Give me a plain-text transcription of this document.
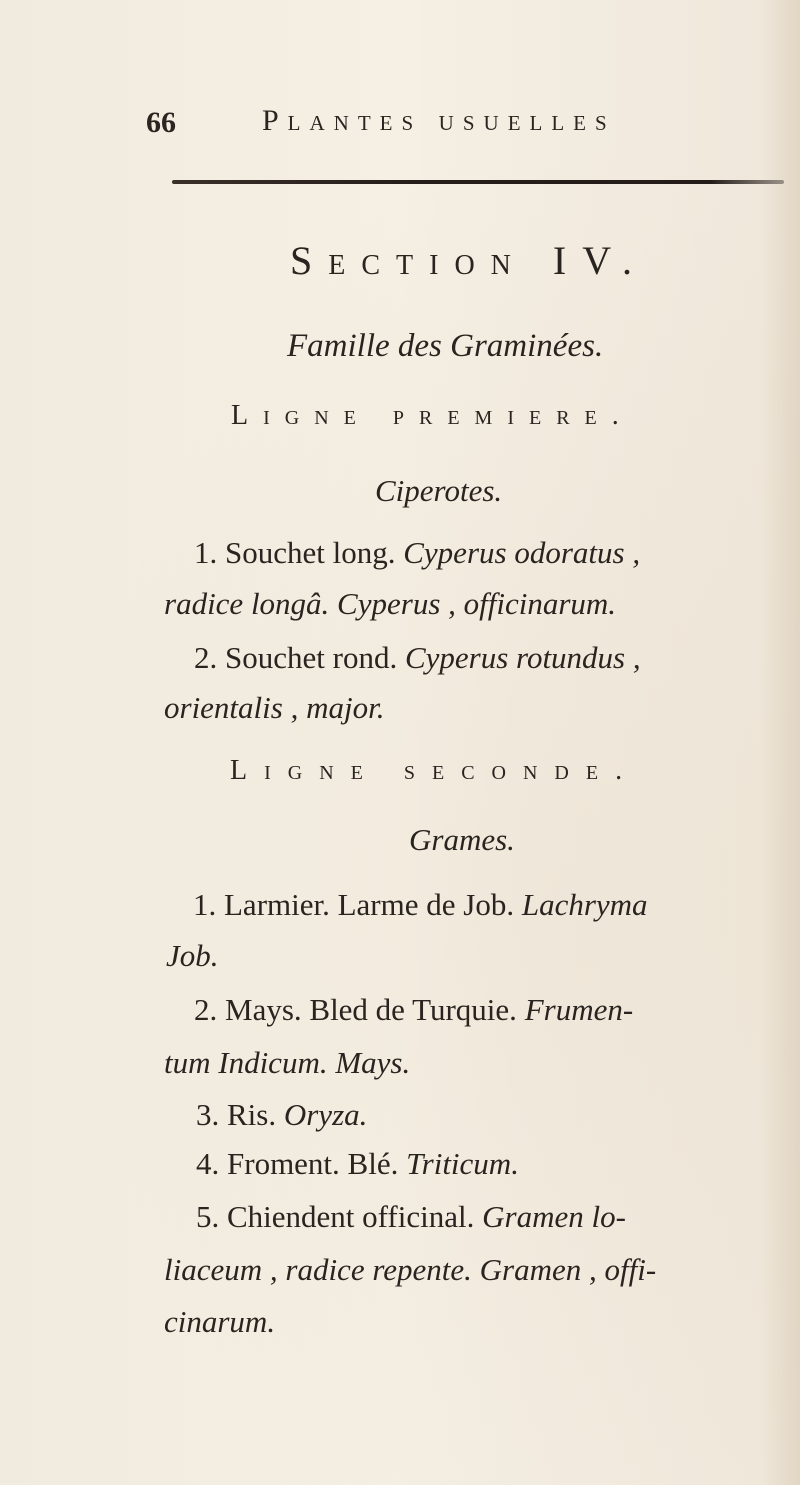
66	Plantes usuelles
Section IV.
Famille des Graminées.
Ligne premiere.
Ciperotes.
1. Souchet long. Cyperus odoratus ,
radice longâ. Cyperus , officinarum.
2. Souchet rond. Cyperus rotundus ,
orientalis , major.
Ligne seconde.
Grames.
1. Larmier. Larme de Job. Lachryma
Job.
2. Mays. Bled de Turquie. Frumen-
tum Indicum. Mays.
3. Ris. Oryza.
4. Froment. Blé. Triticum.
5. Chiendent officinal. Gramen lo-
liaceum , radice repente. Gramen , offi-
cinarum.
